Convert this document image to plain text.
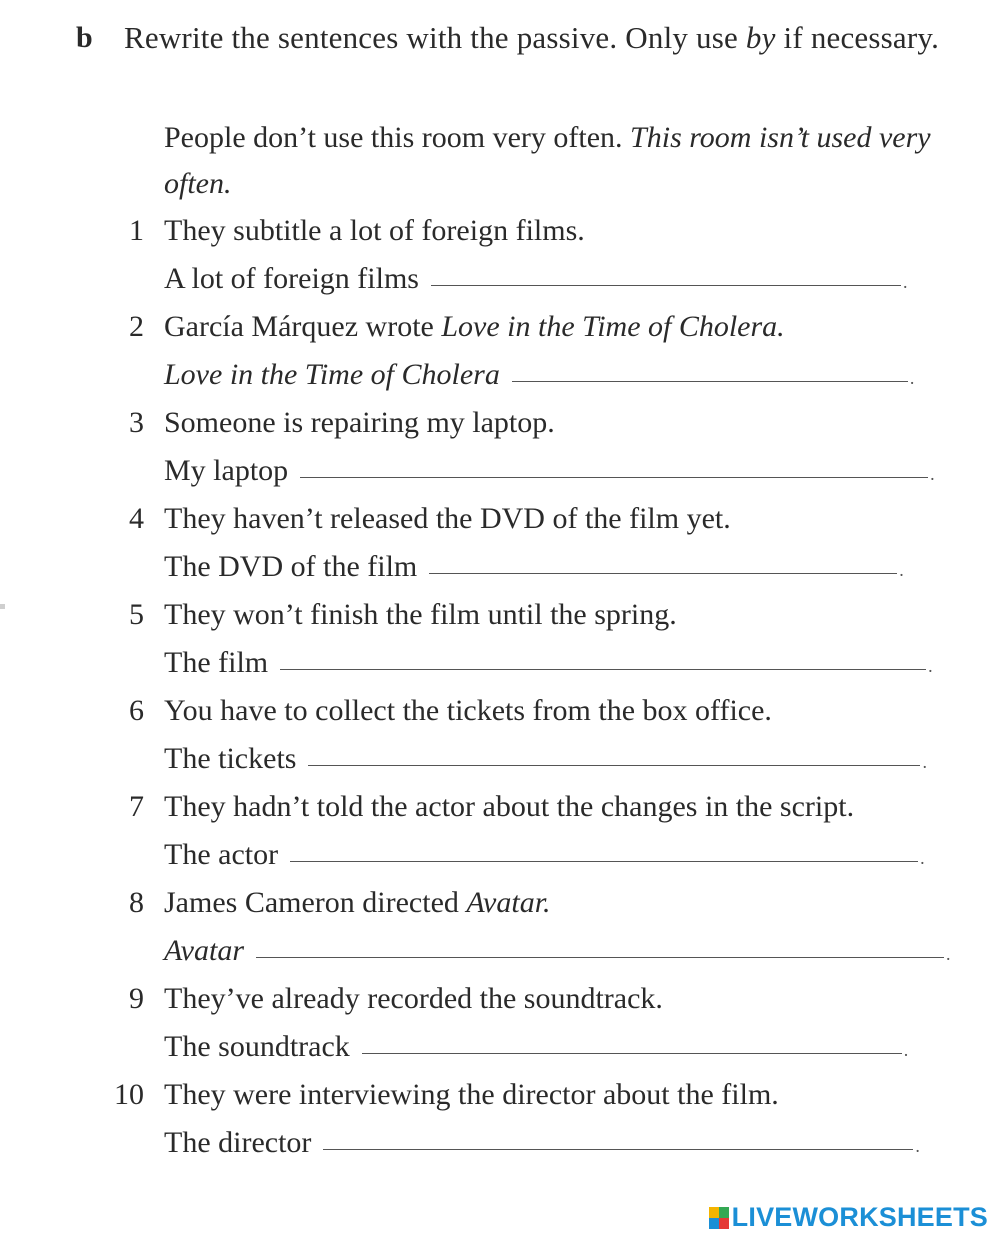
b Rewrite the sentences with the passive. Only use by if necessary.
People don’t use this room very often. This room isn’t used very often.
1 They subtitle a lot of foreign films.
A lot of foreign films	.
2 García Márquez wrote Love in the Time of Cholera.
Love in the Time of Cholera	.
3 Someone is repairing my laptop.
My laptop	.
4 They haven’t released the DVD of the film yet.
The DVD of the film	.
5 They won’t finish the film until the spring.
The film	.
6 You have to collect the tickets from the box office.
The tickets	.
7 They hadn’t told the actor about the changes in the script.
The actor	.
8 James Cameron directed Avatar.
Avatar	.
9 They’ve already recorded the soundtrack.
The soundtrack	.
10 They were interviewing the director about the film.
The director	.
LIVEWORKSHEETS
